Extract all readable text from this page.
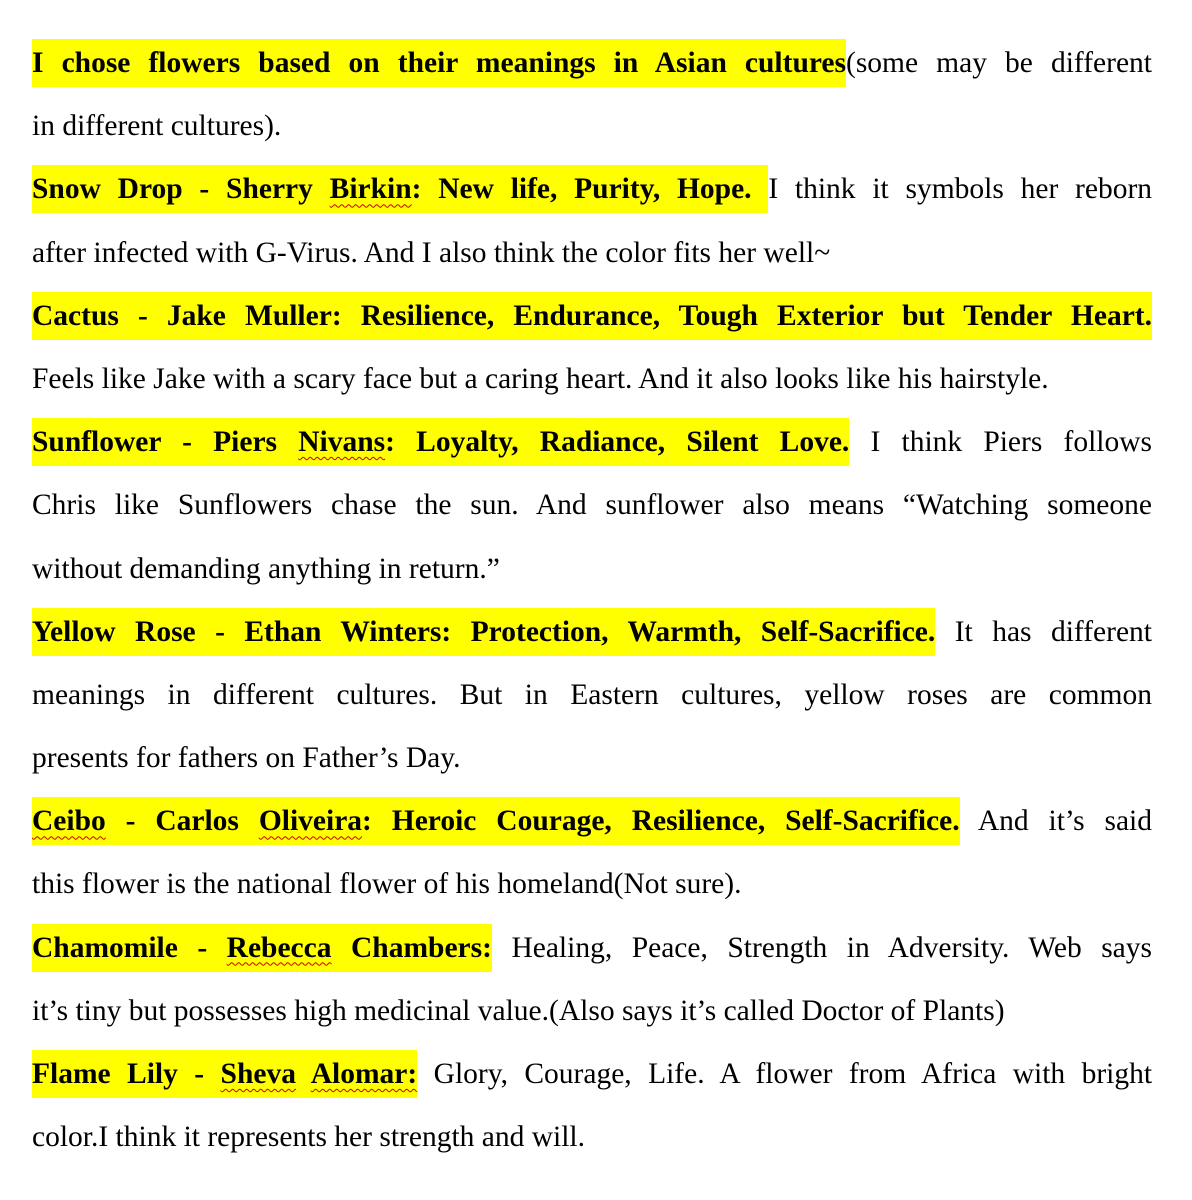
I chose flowers based on their meanings in Asian cultures(some may be different
in different cultures).
Snow Drop - Sherry Birkin: New life, Purity, Hope. I think it symbols her reborn
after infected with G-Virus. And I also think the color fits her well~
Cactus - Jake Muller: Resilience, Endurance, Tough Exterior but Tender Heart.
Feels like Jake with a scary face but a caring heart. And it also looks like his hairstyle.
Sunflower - Piers Nivans: Loyalty, Radiance, Silent Love. I think Piers follows
Chris like Sunflowers chase the sun. And sunflower also means “Watching someone
without demanding anything in return.”
Yellow Rose - Ethan Winters: Protection, Warmth, Self-Sacrifice. It has different
meanings in different cultures. But in Eastern cultures, yellow roses are common
presents for fathers on Father’s Day.
Ceibo - Carlos Oliveira: Heroic Courage, Resilience, Self-Sacrifice. And it’s said
this flower is the national flower of his homeland(Not sure).
Chamomile - Rebecca Chambers: Healing, Peace, Strength in Adversity. Web says
it’s tiny but possesses high medicinal value.(Also says it’s called Doctor of Plants)
Flame Lily - Sheva Alomar: Glory, Courage, Life. A flower from Africa with bright
color.I think it represents her strength and will.
